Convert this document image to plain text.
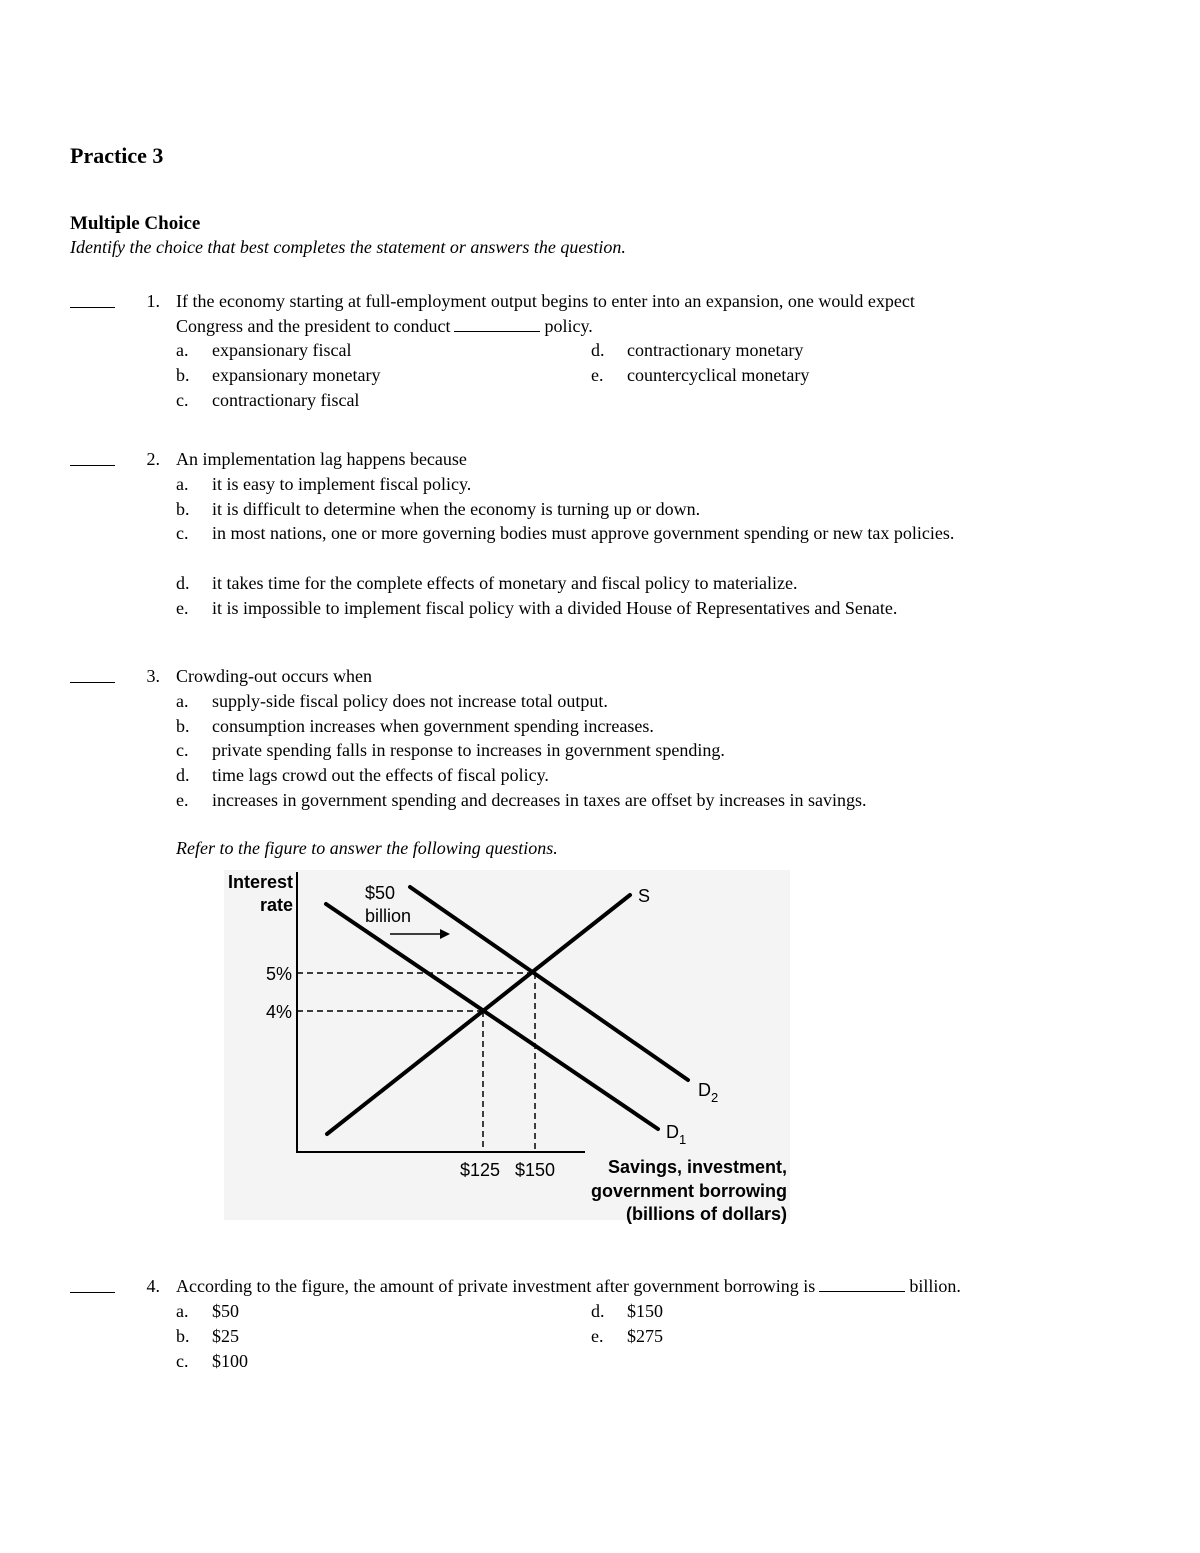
Practice 3
Multiple Choice
Identify the choice that best completes the statement or answers the question.
1. If the economy starting at full-employment output begins to enter into an expansion, one would expect
Congress and the president to conduct	policy.
a. expansionary fiscal
b. expansionary monetary
c. contractionary fiscal
d. contractionary monetary
e. countercyclical monetary
2. An implementation lag happens because
a. it is easy to implement fiscal policy.
b. it is difficult to determine when the economy is turning up or down.
c. in most nations, one or more governing bodies must approve government spending or new tax policies.
d. it takes time for the complete effects of monetary and fiscal policy to materialize.
e. it is impossible to implement fiscal policy with a divided House of Representatives and Senate.
3. Crowding-out occurs when
a. supply-side fiscal policy does not increase total output.
b. consumption increases when government spending increases.
c. private spending falls in response to increases in government spending.
d. time lags crowd out the effects of fiscal policy.
e. increases in government spending and decreases in taxes are offset by increases in savings.
Refer to the figure to answer the following questions.
Interest
rate
Savings, investment,
government borrowing
(billions of dollars)
5%
4%
$125 $150
S
$D_1$
$D_2$
$50
billion
4. According to the figure, the amount of private investment after government borrowing is	billion.
a. $50
b. $25
c. $100
d. $150
e. $275
